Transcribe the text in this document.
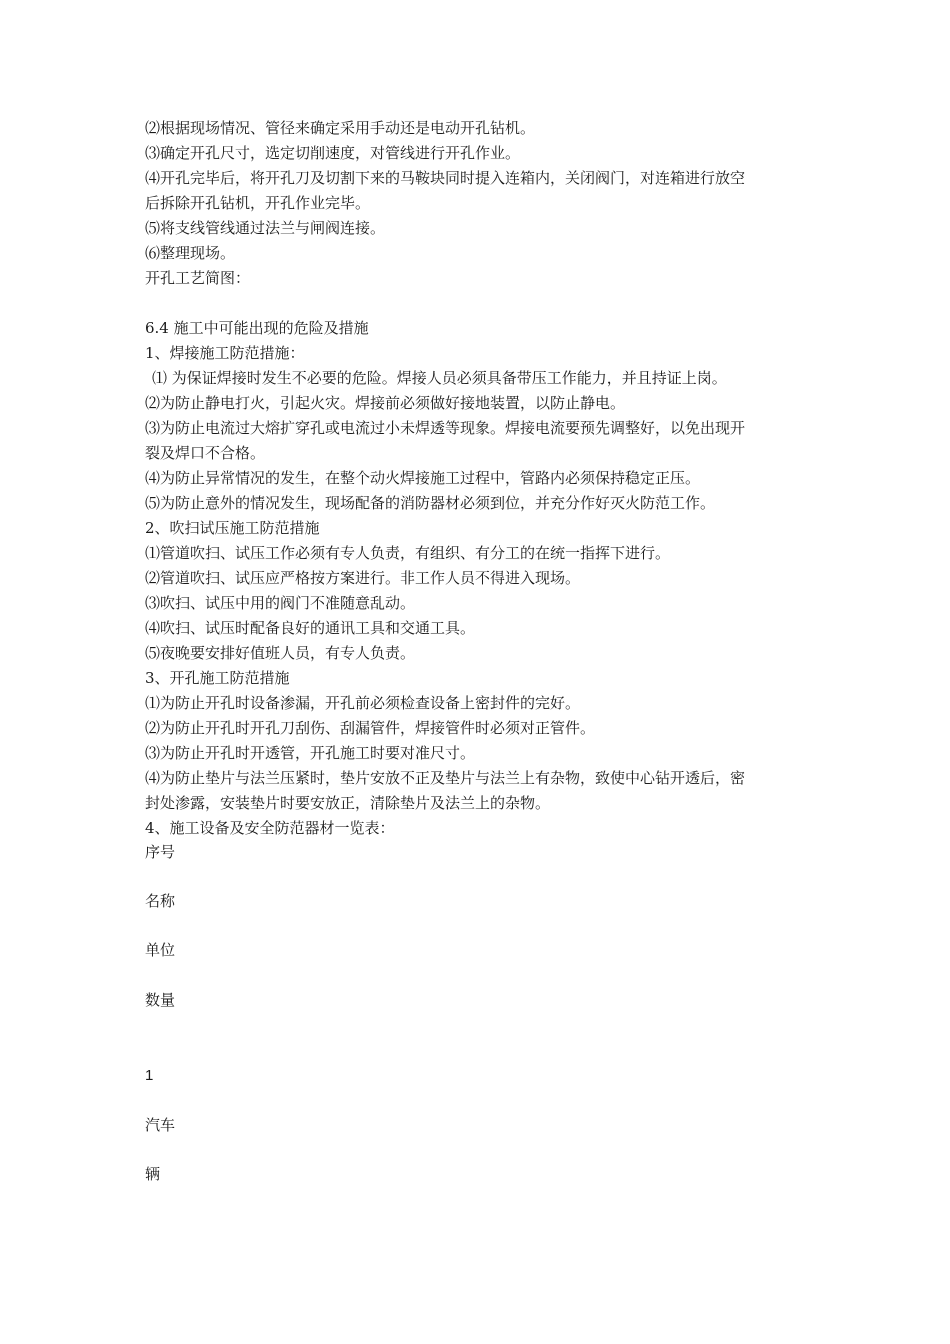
⑵根据现场情况、管径来确定采用手动还是电动开孔钻机。
⑶确定开孔尺寸，选定切削速度，对管线进行开孔作业。
⑷开孔完毕后，将开孔刀及切割下来的马鞍块同时提入连箱内，关闭阀门，对连箱进行放空
后拆除开孔钻机，开孔作业完毕。
⑸将支线管线通过法兰与闸阀连接。
⑹整理现场。
开孔工艺简图：
6.4 施工中可能出现的危险及措施
1、焊接施工防范措施：
⑴ 为保证焊接时发生不必要的危险。焊接人员必须具备带压工作能力，并且持证上岗。
⑵为防止静电打火，引起火灾。焊接前必须做好接地装置，以防止静电。
⑶为防止电流过大熔扩穿孔或电流过小未焊透等现象。焊接电流要预先调整好，以免出现开
裂及焊口不合格。
⑷为防止异常情况的发生，在整个动火焊接施工过程中，管路内必须保持稳定正压。
⑸为防止意外的情况发生，现场配备的消防器材必须到位，并充分作好灭火防范工作。
2、吹扫试压施工防范措施
⑴管道吹扫、试压工作必须有专人负责，有组织、有分工的在统一指挥下进行。
⑵管道吹扫、试压应严格按方案进行。非工作人员不得进入现场。
⑶吹扫、试压中用的阀门不准随意乱动。
⑷吹扫、试压时配备良好的通讯工具和交通工具。
⑸夜晚要安排好值班人员，有专人负责。
3、开孔施工防范措施
⑴为防止开孔时设备渗漏，开孔前必须检查设备上密封件的完好。
⑵为防止开孔时开孔刀刮伤、刮漏管件，焊接管件时必须对正管件。
⑶为防止开孔时开透管，开孔施工时要对准尺寸。
⑷为防止垫片与法兰压紧时，垫片安放不正及垫片与法兰上有杂物，致使中心钻开透后，密
封处渗露，安装垫片时要安放正，清除垫片及法兰上的杂物。
4、施工设备及安全防范器材一览表：
序号
名称
单位
数量
1
汽车
辆
